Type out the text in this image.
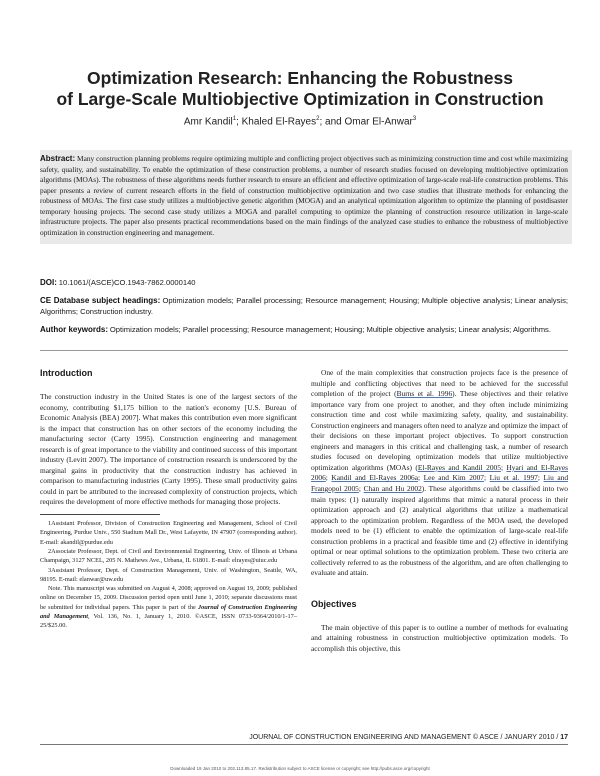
Optimization Research: Enhancing the Robustness
of Large-Scale Multiobjective Optimization in Construction
Amr Kandil$^1$; Khaled El-Rayes$^2$; and Omar El-Anwar$^3$

Abstract: Many construction planning problems require optimizing multiple and conflicting project objectives such as minimizing construction time and cost while maximizing safety, quality, and sustainability. To enable the optimization of these construction problems, a number of research studies focused on developing multiobjective optimization algorithms (MOAs). The robustness of these algorithms needs further research to ensure an efficient and effective optimization of large-scale real-life construction problems. This paper presents a review of current research efforts in the field of construction multiobjective optimization and two case studies that illustrate methods for enhancing the robustness of MOAs. The first case study utilizes a multiobjective genetic algorithm (MOGA) and an analytical optimization algorithm to optimize the planning of postdisaster temporary housing projects. The second case study utilizes a MOGA and parallel computing to optimize the planning of construction resource utilization in large-scale infrastructure projects. The paper also presents practical recommendations based on the main findings of the analyzed case studies to enhance the robustness of multiobjective optimization in construction engineering and management.

DOI: 10.1061/(ASCE)CO.1943-7862.0000140
CE Database subject headings: Optimization models; Parallel processing; Resource management; Housing; Multiple objective analysis; Linear analysis; Algorithms; Construction industry.
Author keywords: Optimization models; Parallel processing; Resource management; Housing; Multiple objective analysis; Linear analysis; Algorithms.
Introduction

The construction industry in the United States is one of the largest sectors of the economy, contributing $1,175 billion to the nation's economy [U.S. Bureau of Economic Analysis (BEA) 2007]. What makes this contribution even more significant is the impact that construction has on other sectors of the economy including the manufacturing sector (Carty 1995). Construction engineering and management research is of great importance to the viability and continued success of this important industry (Levitt 2007). The importance of construction research is underscored by the marginal gains in productivity that the construction industry has achieved in comparison to manufacturing industries (Carty 1995). These small productivity gains could in part be attributed to the increased complexity of construction projects, which requires the development of more effective methods for managing those projects.

1Assistant Professor, Division of Construction Engineering and Management, School of Civil Engineering, Purdue Univ., 550 Stadium Mall Dr., West Lafayette, IN 47907 (corresponding author). E-mail: akandil@purdue.edu

2Associate Professor, Dept. of Civil and Environmental Engineering, Univ. of Illinois at Urbana Champaign, 3127 NCEL, 205 N. Mathews Ave., Urbana, IL 61801. E-mail: elrayes@uiuc.edu

3Assistant Professor, Dept. of Construction Management, Univ. of Washington, Seattle, WA, 98195. E-mail: elanwar@uw.edu

Note. This manuscript was submitted on August 4, 2008; approved on August 19, 2009; published online on December 15, 2009. Discussion period open until June 1, 2010; separate discussions must be submitted for individual papers. This paper is part of the Journal of Construction Engineering and Management, Vol. 136, No. 1, January 1, 2010. ©ASCE, ISSN 0733-9364/2010/1-17–25/$25.00.

One of the main complexities that construction projects face is the presence of multiple and conflicting objectives that need to be achieved for the successful completion of the project (Burns et al. 1996). These objectives and their relative importance vary from one project to another, and they often include minimizing construction time and cost while maximizing safety, quality, and sustainability. Construction engineers and managers often need to analyze and optimize the impact of their decisions on these important project objectives. To support construction engineers and managers in this critical and challenging task, a number of research studies focused on developing optimization models that utilize multiobjective optimization algorithms (MOAs) (El-Rayes and Kandil 2005; Hyari and El-Rayes 2006; Kandil and El-Rayes 2006a; Lee and Kim 2007; Liu et al. 1997; Liu and Frangopol 2005; Chan and Hu 2002). These algorithms could be classified into two main types: (1) naturally inspired algorithms that mimic a natural process in their optimization approach and (2) analytical algorithms that utilize a mathematical approach to the optimization problem. Regardless of the MOA used, the developed models need to be (1) efficient to enable the optimization of large-scale real-life construction problems in a practical and feasible time and (2) effective in identifying optimal or near optimal solutions to the optimization problem. These two criteria are collectively referred to as the robustness of the algorithm, and are often challenging to evaluate and attain.

Objectives

The main objective of this paper is to outline a number of methods for evaluating and attaining robustness in construction multiobjective optimization models. To accomplish this objective, this

JOURNAL OF CONSTRUCTION ENGINEERING AND MANAGEMENT © ASCE / JANUARY 2010 / 17
Downloaded 19 Jan 2010 to 202.113.85.17. Redistribution subject to ASCE license or copyright; see http://pubs.asce.org/copyright
